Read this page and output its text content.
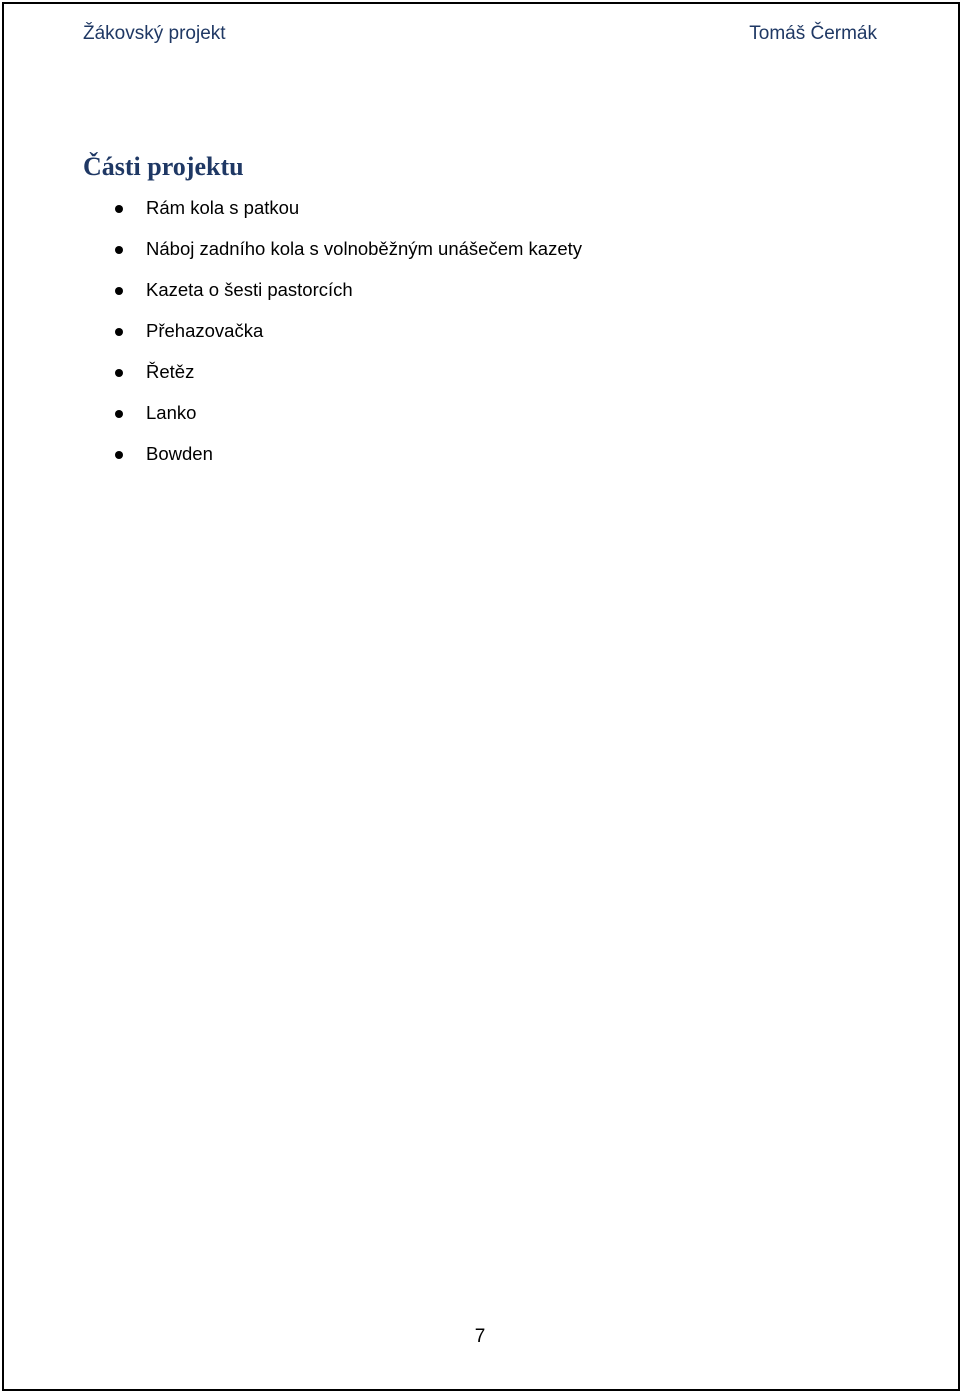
Žákovský projekt	Tomáš Čermák
Části projektu
Rám kola s patkou
Náboj zadního kola s volnoběžným unášečem kazety
Kazeta o šesti pastorcích
Přehazovačka
Řetěz
Lanko
Bowden
7
